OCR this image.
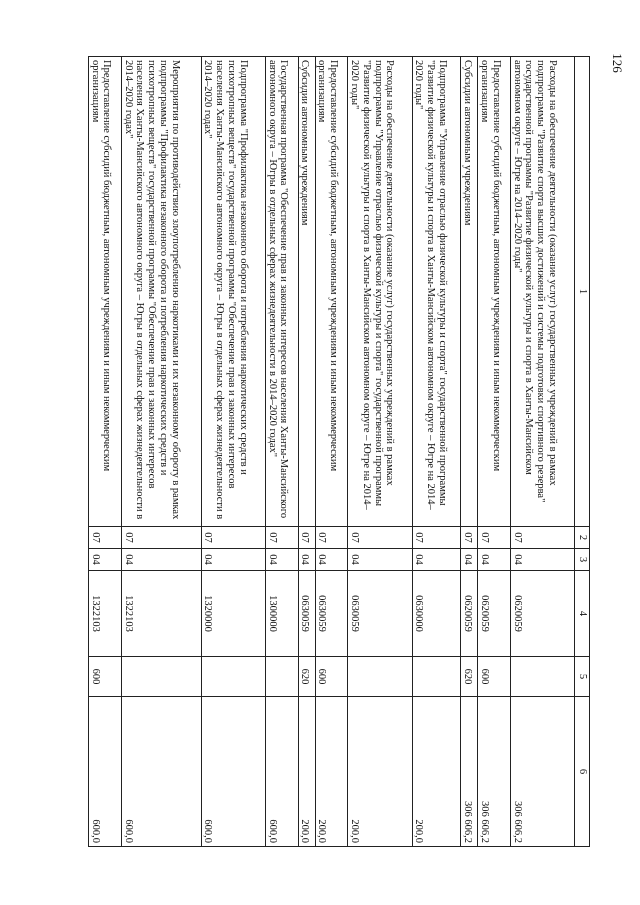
126
1	2	3	4	5	6
Расходы на обеспечение деятельности (оказание услуг) государственных учреждений в рамках подпрограммы "Развитие спорта высших достижений и системы подготовки спортивного резерва" государственной программы "Развитие физической культуры и спорта в Ханты-Мансийском автономном округе – Югре на 2014–2020 годы"	07	04	0620059		306 606,2
Предоставление субсидий бюджетным, автономным учреждениям и иным некоммерческим организациям	07	04	0620059	600	306 606,2
Субсидии автономным учреждениям	07	04	0620059	620	306 606,2
Подпрограмма "Управление отраслью физической культуры и спорта" государственной программы "Развитие физической культуры и спорта в Ханты-Мансийском автономном округе – Югре на 2014–2020 годы"	07	04	0630000		200,0
Расходы на обеспечение деятельности (оказание услуг) государственных учреждений в рамках подпрограммы "Управление отраслью физической культуры и спорта" государственной программы "Развитие физической культуры и спорта в Ханты-Мансийском автономном округе – Югре на 2014–2020 годы"	07	04	0630059		200,0
Предоставление субсидий бюджетным, автономным учреждениям и иным некоммерческим организациям	07	04	0630059	600	200,0
Субсидии автономным учреждениям	07	04	0630059	620	200,0
Государственная программа "Обеспечение прав и законных интересов населения Ханты-Мансийского автономного округа – Югры в отдельных сферах жизнедеятельности в 2014–2020 годах"	07	04	1300000		600,0
Подпрограмма "Профилактика незаконного оборота и потребления наркотических средств и психотропных веществ" государственной программы "Обеспечение прав и законных интересов населения Ханты-Мансийского автономного округа – Югры в отдельных сферах жизнедеятельности в 2014–2020 годах"	07	04	1320000		600,0
Мероприятия по противодействию злоупотреблению наркотиками и их незаконному обороту в рамках подпрограммы "Профилактика незаконного оборота и потребления наркотических средств и психотропных веществ" государственной программы "Обеспечение прав и законных интересов населения Ханты-Мансийского автономного округа – Югры в отдельных сферах жизнедеятельности в 2014–2020 годах"	07	04	1322103		600,0
Предоставление субсидий бюджетным, автономным учреждениям и иным некоммерческим организациям	07	04	1322103	600	600,0
